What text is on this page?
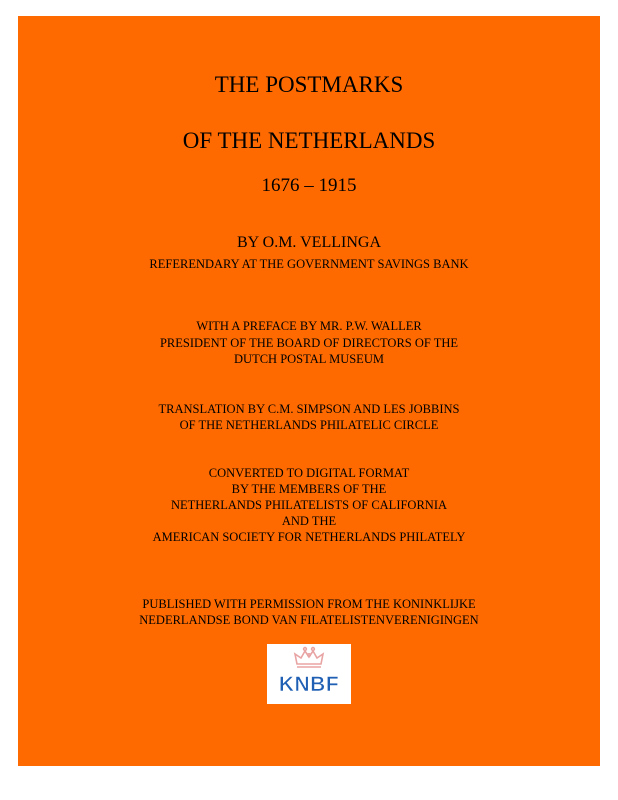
THE POSTMARKS
OF THE NETHERLANDS
1676 – 1915
BY O.M. VELLINGA
REFERENDARY AT THE GOVERNMENT SAVINGS BANK
WITH A PREFACE BY MR. P.W. WALLER
PRESIDENT OF THE BOARD OF DIRECTORS OF THE
DUTCH POSTAL MUSEUM
TRANSLATION BY C.M. SIMPSON AND LES JOBBINS
OF THE NETHERLANDS PHILATELIC CIRCLE
CONVERTED TO DIGITAL FORMAT
BY THE MEMBERS OF THE
NETHERLANDS PHILATELISTS OF CALIFORNIA
AND THE
AMERICAN SOCIETY FOR NETHERLANDS PHILATELY
PUBLISHED WITH PERMISSION FROM THE KONINKLIJKE
NEDERLANDSE BOND VAN FILATELISTENVERENIGINGEN
KNBF
